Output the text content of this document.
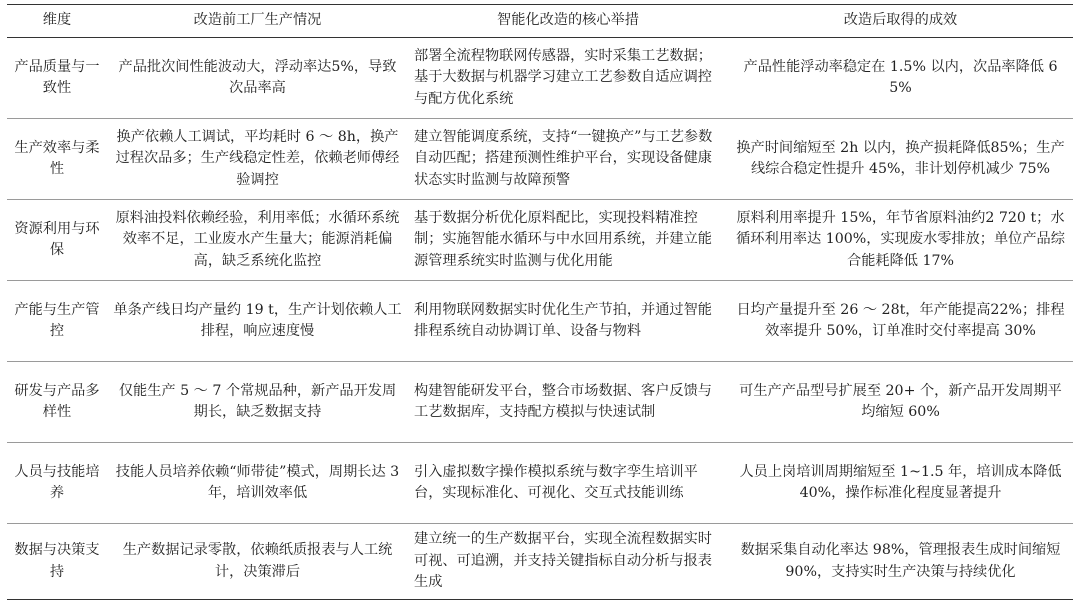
维度	改造前工厂生产情况	智能化改造的核心举措	改造后取得的成效
产品质量与一致性	产品批次间性能波动大，浮动率达5%，导致次品率高	部署全流程物联网传感器，实时采集工艺数据；基于大数据与机器学习建立工艺参数自适应调控与配方优化系统	产品性能浮动率稳定在 1.5% 以内，次品率降低 65%
生产效率与柔性	换产依赖人工调试，平均耗时 6 ～ 8h，换产过程次品多；生产线稳定性差，依赖老师傅经验调控	建立智能调度系统，支持“一键换产”与工艺参数自动匹配；搭建预测性维护平台，实现设备健康状态实时监测与故障预警	换产时间缩短至 2h 以内，换产损耗降低85%；生产线综合稳定性提升 45%，非计划停机减少 75%
资源利用与环保	原料油投料依赖经验，利用率低；水循环系统效率不足，工业废水产生量大；能源消耗偏高，缺乏系统化监控	基于数据分析优化原料配比，实现投料精准控制；实施智能水循环与中水回用系统，并建立能源管理系统实时监测与优化用能	原料利用率提升 15%，年节省原料油约2 720 t；水循环利用率达 100%，实现废水零排放；单位产品综合能耗降低 17%
产能与生产管控	单条产线日均产量约 19 t，生产计划依赖人工排程，响应速度慢	利用物联网数据实时优化生产节拍，并通过智能排程系统自动协调订单、设备与物料	日均产量提升至 26 ～ 28t，年产能提高22%；排程效率提升 50%，订单准时交付率提高 30%
研发与产品多样性	仅能生产 5 ～ 7 个常规品种，新产品开发周期长，缺乏数据支持	构建智能研发平台，整合市场数据、客户反馈与工艺数据库，支持配方模拟与快速试制	可生产产品型号扩展至 20+ 个，新产品开发周期平均缩短 60%
人员与技能培养	技能人员培养依赖“师带徒”模式，周期长达 3 年，培训效率低	引入虚拟数字操作模拟系统与数字孪生培训平台，实现标准化、可视化、交互式技能训练	人员上岗培训周期缩短至 1~1.5 年，培训成本降低 40%，操作标准化程度显著提升
数据与决策支持	生产数据记录零散，依赖纸质报表与人工统计，决策滞后	建立统一的生产数据平台，实现全流程数据实时可视、可追溯，并支持关键指标自动分析与报表生成	数据采集自动化率达 98%，管理报表生成时间缩短 90%，支持实时生产决策与持续优化
